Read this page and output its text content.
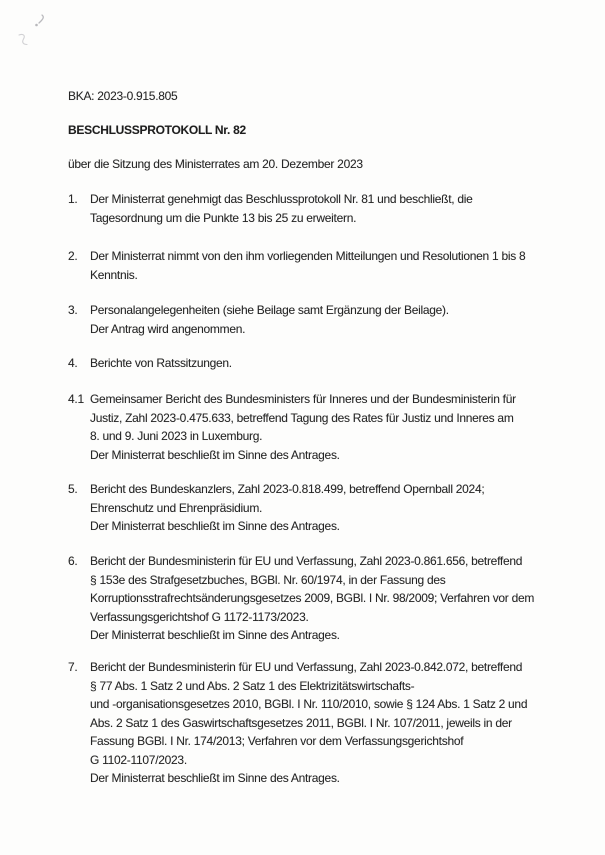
BKA: 2023-0.915.805
BESCHLUSSPROTOKOLL Nr. 82
über die Sitzung des Ministerrates am 20. Dezember 2023
1.	Der Ministerrat genehmigt das Beschlussprotokoll Nr. 81 und beschließt, die
Tagesordnung um die Punkte 13 bis 25 zu erweitern.
2.	Der Ministerrat nimmt von den ihm vorliegenden Mitteilungen und Resolutionen 1 bis 8
Kenntnis.
3.	Personalangelegenheiten (siehe Beilage samt Ergänzung der Beilage).
Der Antrag wird angenommen.
4.	Berichte von Ratssitzungen.
4.1 Gemeinsamer Bericht des Bundesministers für Inneres und der Bundesministerin für
Justiz, Zahl 2023-0.475.633, betreffend Tagung des Rates für Justiz und Inneres am
8. und 9. Juni 2023 in Luxemburg.
Der Ministerrat beschließt im Sinne des Antrages.
5.	Bericht des Bundeskanzlers, Zahl 2023-0.818.499, betreffend Opernball 2024;
Ehrenschutz und Ehrenpräsidium.
Der Ministerrat beschließt im Sinne des Antrages.
6.	Bericht der Bundesministerin für EU und Verfassung, Zahl 2023-0.861.656, betreffend
§ 153e des Strafgesetzbuches, BGBl. Nr. 60/1974, in der Fassung des
Korruptionsstrafrechtsänderungsgesetzes 2009, BGBl. I Nr. 98/2009; Verfahren vor dem
Verfassungsgerichtshof G 1172-1173/2023.
Der Ministerrat beschließt im Sinne des Antrages.
7.	Bericht der Bundesministerin für EU und Verfassung, Zahl 2023-0.842.072, betreffend
§ 77 Abs. 1 Satz 2 und Abs. 2 Satz 1 des Elektrizitätswirtschafts-
und -organisationsgesetzes 2010, BGBl. I Nr. 110/2010, sowie § 124 Abs. 1 Satz 2 und
Abs. 2 Satz 1 des Gaswirtschaftsgesetzes 2011, BGBl. I Nr. 107/2011, jeweils in der
Fassung BGBl. I Nr. 174/2013; Verfahren vor dem Verfassungsgerichtshof
G 1102-1107/2023.
Der Ministerrat beschließt im Sinne des Antrages.
